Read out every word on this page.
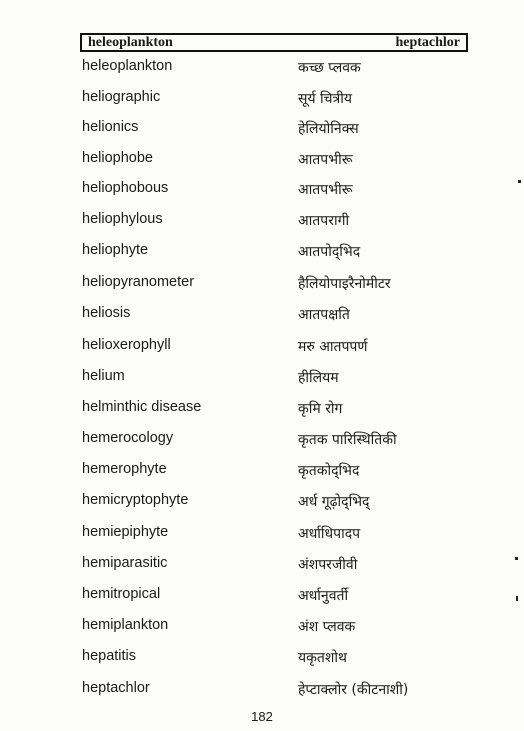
heleoplankton	heptachlor
heleoplankton	कच्छ प्लवक
heliographic	सूर्य चित्रीय
helionics	हेलियोनिक्स
heliophobe	आतपभीरू
heliophobous	आतपभीरू
heliophylous	आतपरागी
heliophyte	आतपोद्‌भिद
heliopyranometer	हैलियोपाइरैनोमीटर
heliosis	आतपक्षति
helioxerophyll	मरु आतपपर्ण
helium	हीलियम
helminthic disease	कृमि रोग
hemerocology	कृतक पारिस्थितिकी
hemerophyte	कृतकोद्‌भिद
hemicryptophyte	अर्ध गूढ़ोद्‌भिद्
hemiepiphyte	अर्धाधिपादप
hemiparasitic	अंशपरजीवी
hemitropical	अर्धानुवर्ती
hemiplankton	अंश प्लवक
hepatitis	यकृतशोथ
heptachlor	हेप्टाक्लोर (कीटनाशी)
182
